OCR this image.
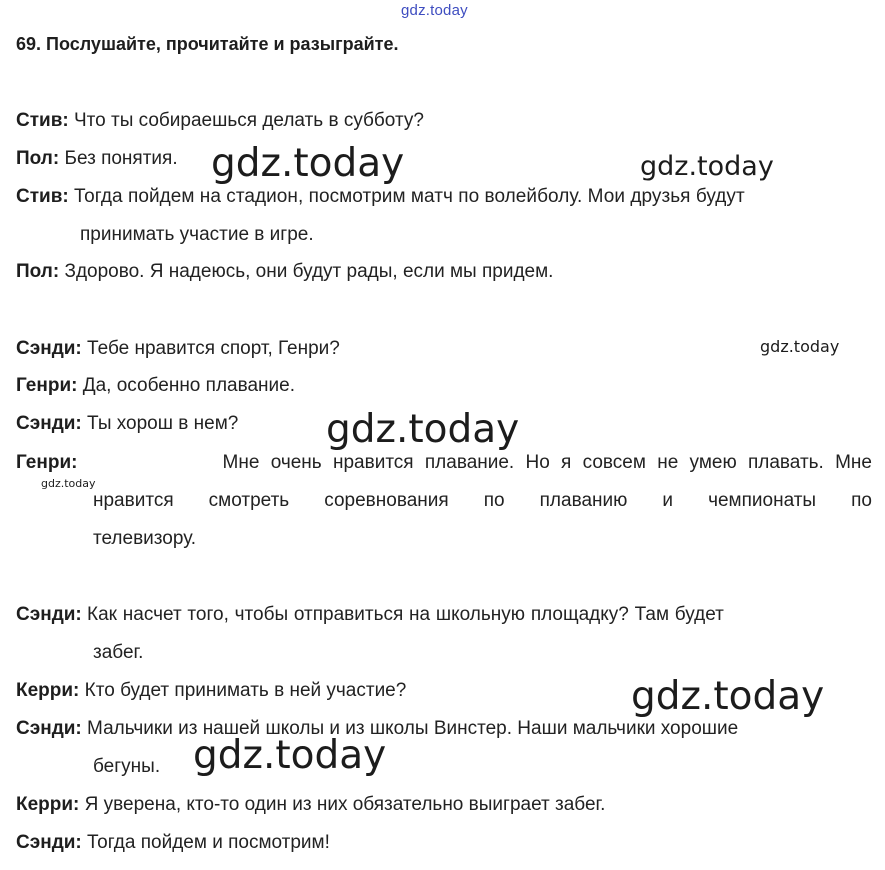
gdz.today
69. Послушайте, прочитайте и разыграйте.
Стив: Что ты собираешься делать в субботу?
Пол: Без понятия.
Стив: Тогда пойдем на стадион, посмотрим матч по волейболу. Мои друзья будут
принимать участие в игре.
Пол: Здорово. Я надеюсь, они будут рады, если мы придем.
Сэнди: Тебе нравится спорт, Генри?
Генри: Да, особенно плавание.
Сэнди: Ты хорош в нем?
Генри:	Мне очень нравится плавание. Но я совсем не умею плавать. Мне
нравится смотреть соревнования по плаванию и чемпионаты по
телевизору.
Сэнди: Как насчет того, чтобы отправиться на школьную площадку? Там будет
забег.
Керри: Кто будет принимать в ней участие?
Сэнди: Мальчики из нашей школы и из школы Винстер. Наши мальчики хорошие
бегуны.
Керри: Я уверена, кто-то один из них обязательно выиграет забег.
Сэнди: Тогда пойдем и посмотрим!
gdz.today	gdz.today
gdz.today
gdz.today
gdz.today
gdz.today
gdz.today
